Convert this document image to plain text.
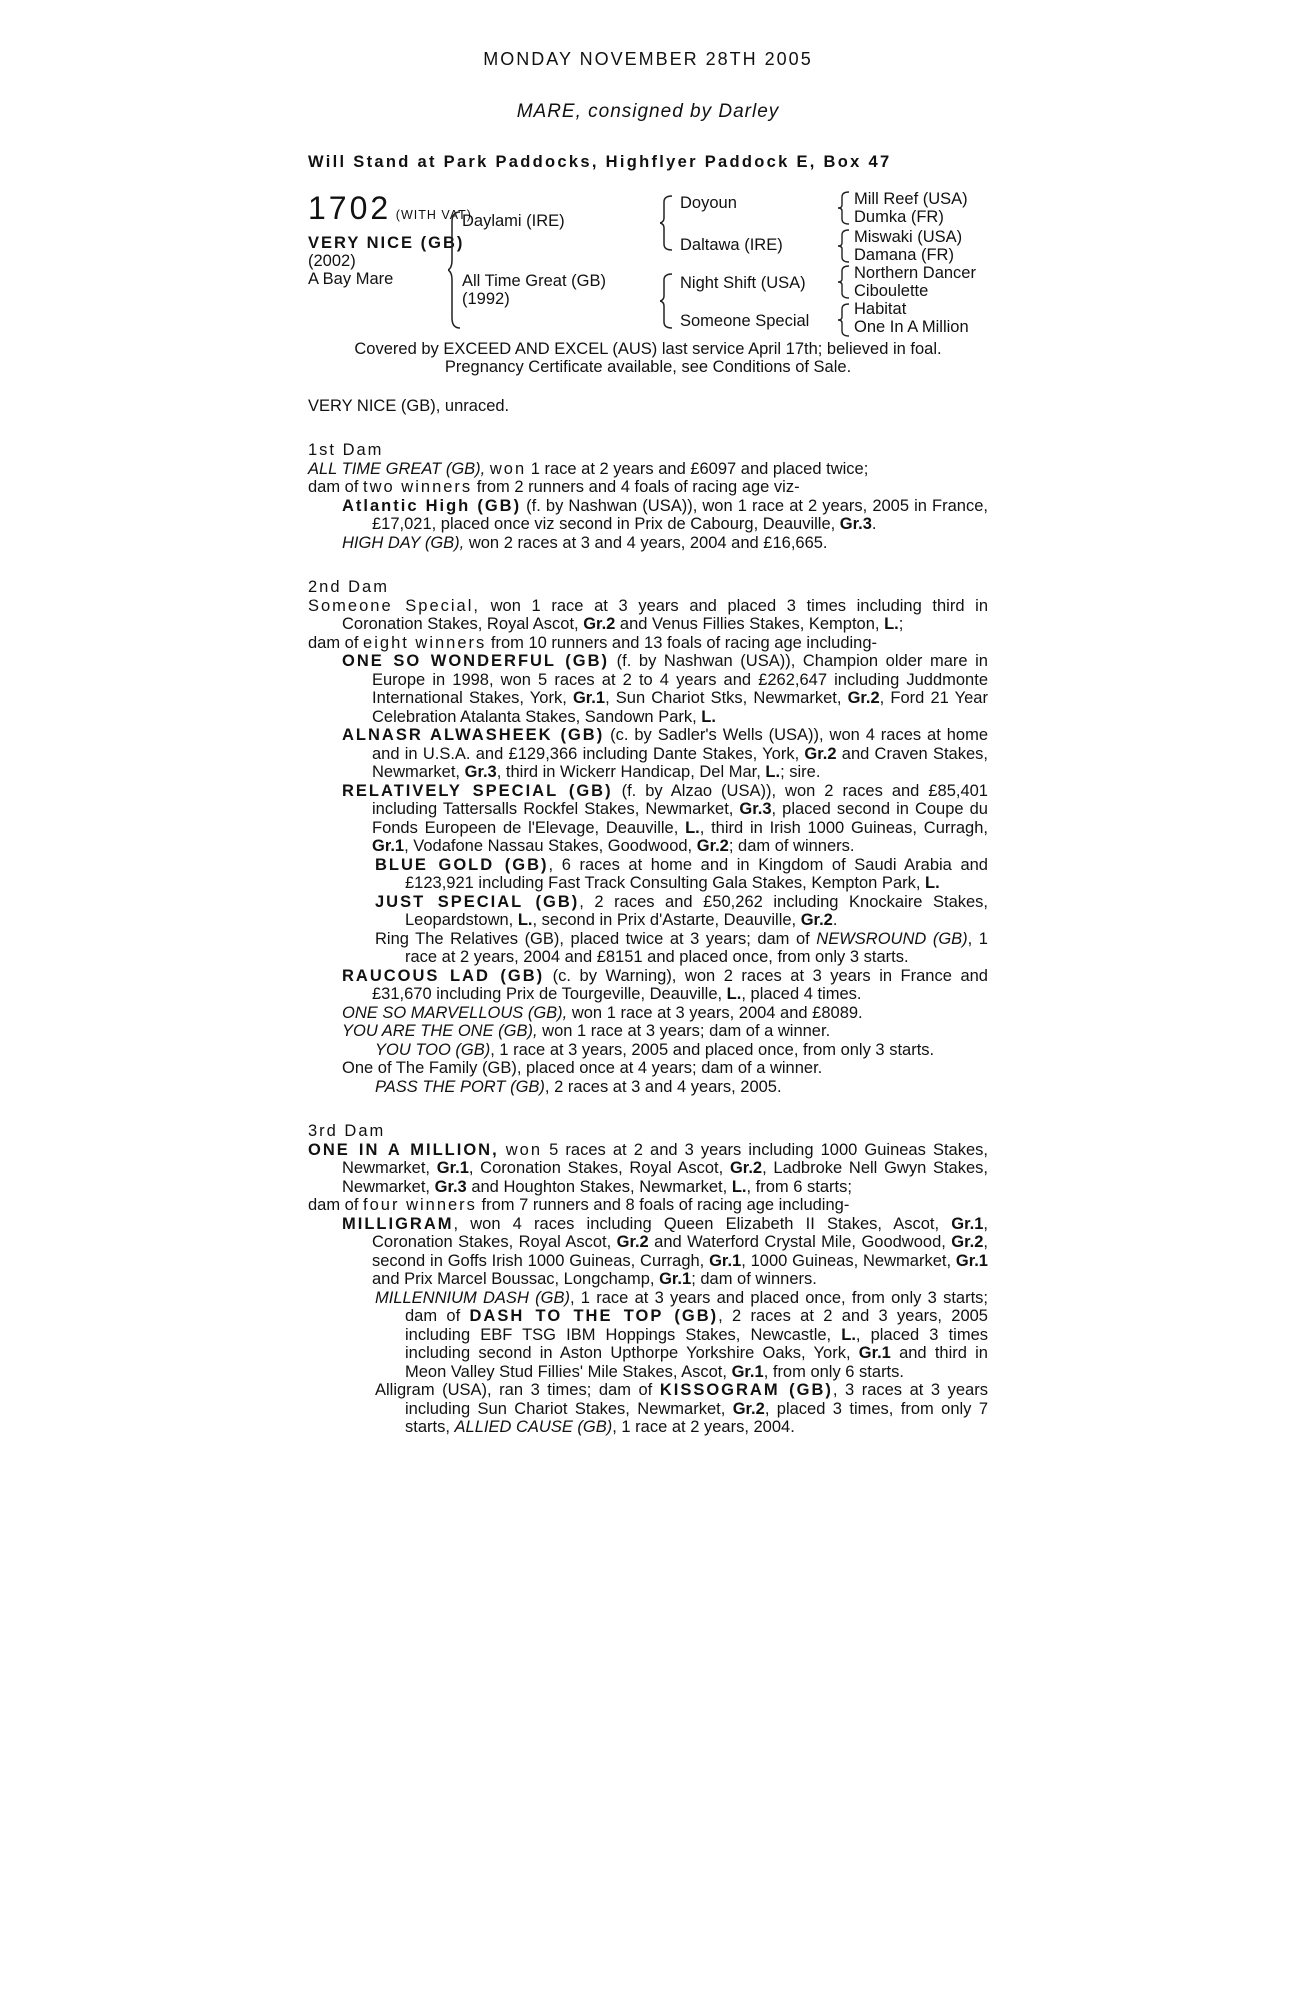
MONDAY NOVEMBER 28TH 2005
MARE, consigned by Darley
Will Stand at Park Paddocks, Highflyer Paddock E, Box 47
1702 (WITH VAT)
VERY NICE (GB)
(2002)
A Bay Mare
Daylami (IRE)
All Time Great (GB)
(1992)
Doyoun
Daltawa (IRE)
Night Shift (USA)
Someone Special
Mill Reef (USA)
Dumka (FR)
Miswaki (USA)
Damana (FR)
Northern Dancer
Ciboulette
Habitat
One In A Million
Covered by EXCEED AND EXCEL (AUS) last service April 17th; believed in foal.
Pregnancy Certificate available, see Conditions of Sale.
VERY NICE (GB), unraced.
1st Dam
ALL TIME GREAT (GB), won 1 race at 2 years and £6097 and placed twice;
dam of two winners from 2 runners and 4 foals of racing age viz-
Atlantic High (GB) (f. by Nashwan (USA)), won 1 race at 2 years, 2005 in France, £17,021, placed once viz second in Prix de Cabourg, Deauville, Gr.3.
HIGH DAY (GB), won 2 races at 3 and 4 years, 2004 and £16,665.
2nd Dam
Someone Special, won 1 race at 3 years and placed 3 times including third in Coronation Stakes, Royal Ascot, Gr.2 and Venus Fillies Stakes, Kempton, L.;
dam of eight winners from 10 runners and 13 foals of racing age including-
ONE SO WONDERFUL (GB) (f. by Nashwan (USA)), Champion older mare in Europe in 1998, won 5 races at 2 to 4 years and £262,647 including Juddmonte International Stakes, York, Gr.1, Sun Chariot Stks, Newmarket, Gr.2, Ford 21 Year Celebration Atalanta Stakes, Sandown Park, L.
ALNASR ALWASHEEK (GB) (c. by Sadler's Wells (USA)), won 4 races at home and in U.S.A. and £129,366 including Dante Stakes, York, Gr.2 and Craven Stakes, Newmarket, Gr.3, third in Wickerr Handicap, Del Mar, L.; sire.
RELATIVELY SPECIAL (GB) (f. by Alzao (USA)), won 2 races and £85,401 including Tattersalls Rockfel Stakes, Newmarket, Gr.3, placed second in Coupe du Fonds Europeen de l'Elevage, Deauville, L., third in Irish 1000 Guineas, Curragh, Gr.1, Vodafone Nassau Stakes, Goodwood, Gr.2; dam of winners.
BLUE GOLD (GB), 6 races at home and in Kingdom of Saudi Arabia and £123,921 including Fast Track Consulting Gala Stakes, Kempton Park, L.
JUST SPECIAL (GB), 2 races and £50,262 including Knockaire Stakes, Leopardstown, L., second in Prix d'Astarte, Deauville, Gr.2.
Ring The Relatives (GB), placed twice at 3 years; dam of NEWSROUND (GB), 1 race at 2 years, 2004 and £8151 and placed once, from only 3 starts.
RAUCOUS LAD (GB) (c. by Warning), won 2 races at 3 years in France and £31,670 including Prix de Tourgeville, Deauville, L., placed 4 times.
ONE SO MARVELLOUS (GB), won 1 race at 3 years, 2004 and £8089.
YOU ARE THE ONE (GB), won 1 race at 3 years; dam of a winner.
YOU TOO (GB), 1 race at 3 years, 2005 and placed once, from only 3 starts.
One of The Family (GB), placed once at 4 years; dam of a winner.
PASS THE PORT (GB), 2 races at 3 and 4 years, 2005.
3rd Dam
ONE IN A MILLION, won 5 races at 2 and 3 years including 1000 Guineas Stakes, Newmarket, Gr.1, Coronation Stakes, Royal Ascot, Gr.2, Ladbroke Nell Gwyn Stakes, Newmarket, Gr.3 and Houghton Stakes, Newmarket, L., from 6 starts;
dam of four winners from 7 runners and 8 foals of racing age including-
MILLIGRAM, won 4 races including Queen Elizabeth II Stakes, Ascot, Gr.1, Coronation Stakes, Royal Ascot, Gr.2 and Waterford Crystal Mile, Goodwood, Gr.2, second in Goffs Irish 1000 Guineas, Curragh, Gr.1, 1000 Guineas, Newmarket, Gr.1 and Prix Marcel Boussac, Longchamp, Gr.1; dam of winners.
MILLENNIUM DASH (GB), 1 race at 3 years and placed once, from only 3 starts; dam of DASH TO THE TOP (GB), 2 races at 2 and 3 years, 2005 including EBF TSG IBM Hoppings Stakes, Newcastle, L., placed 3 times including second in Aston Upthorpe Yorkshire Oaks, York, Gr.1 and third in Meon Valley Stud Fillies' Mile Stakes, Ascot, Gr.1, from only 6 starts.
Alligram (USA), ran 3 times; dam of KISSOGRAM (GB), 3 races at 3 years including Sun Chariot Stakes, Newmarket, Gr.2, placed 3 times, from only 7 starts, ALLIED CAUSE (GB), 1 race at 2 years, 2004.
